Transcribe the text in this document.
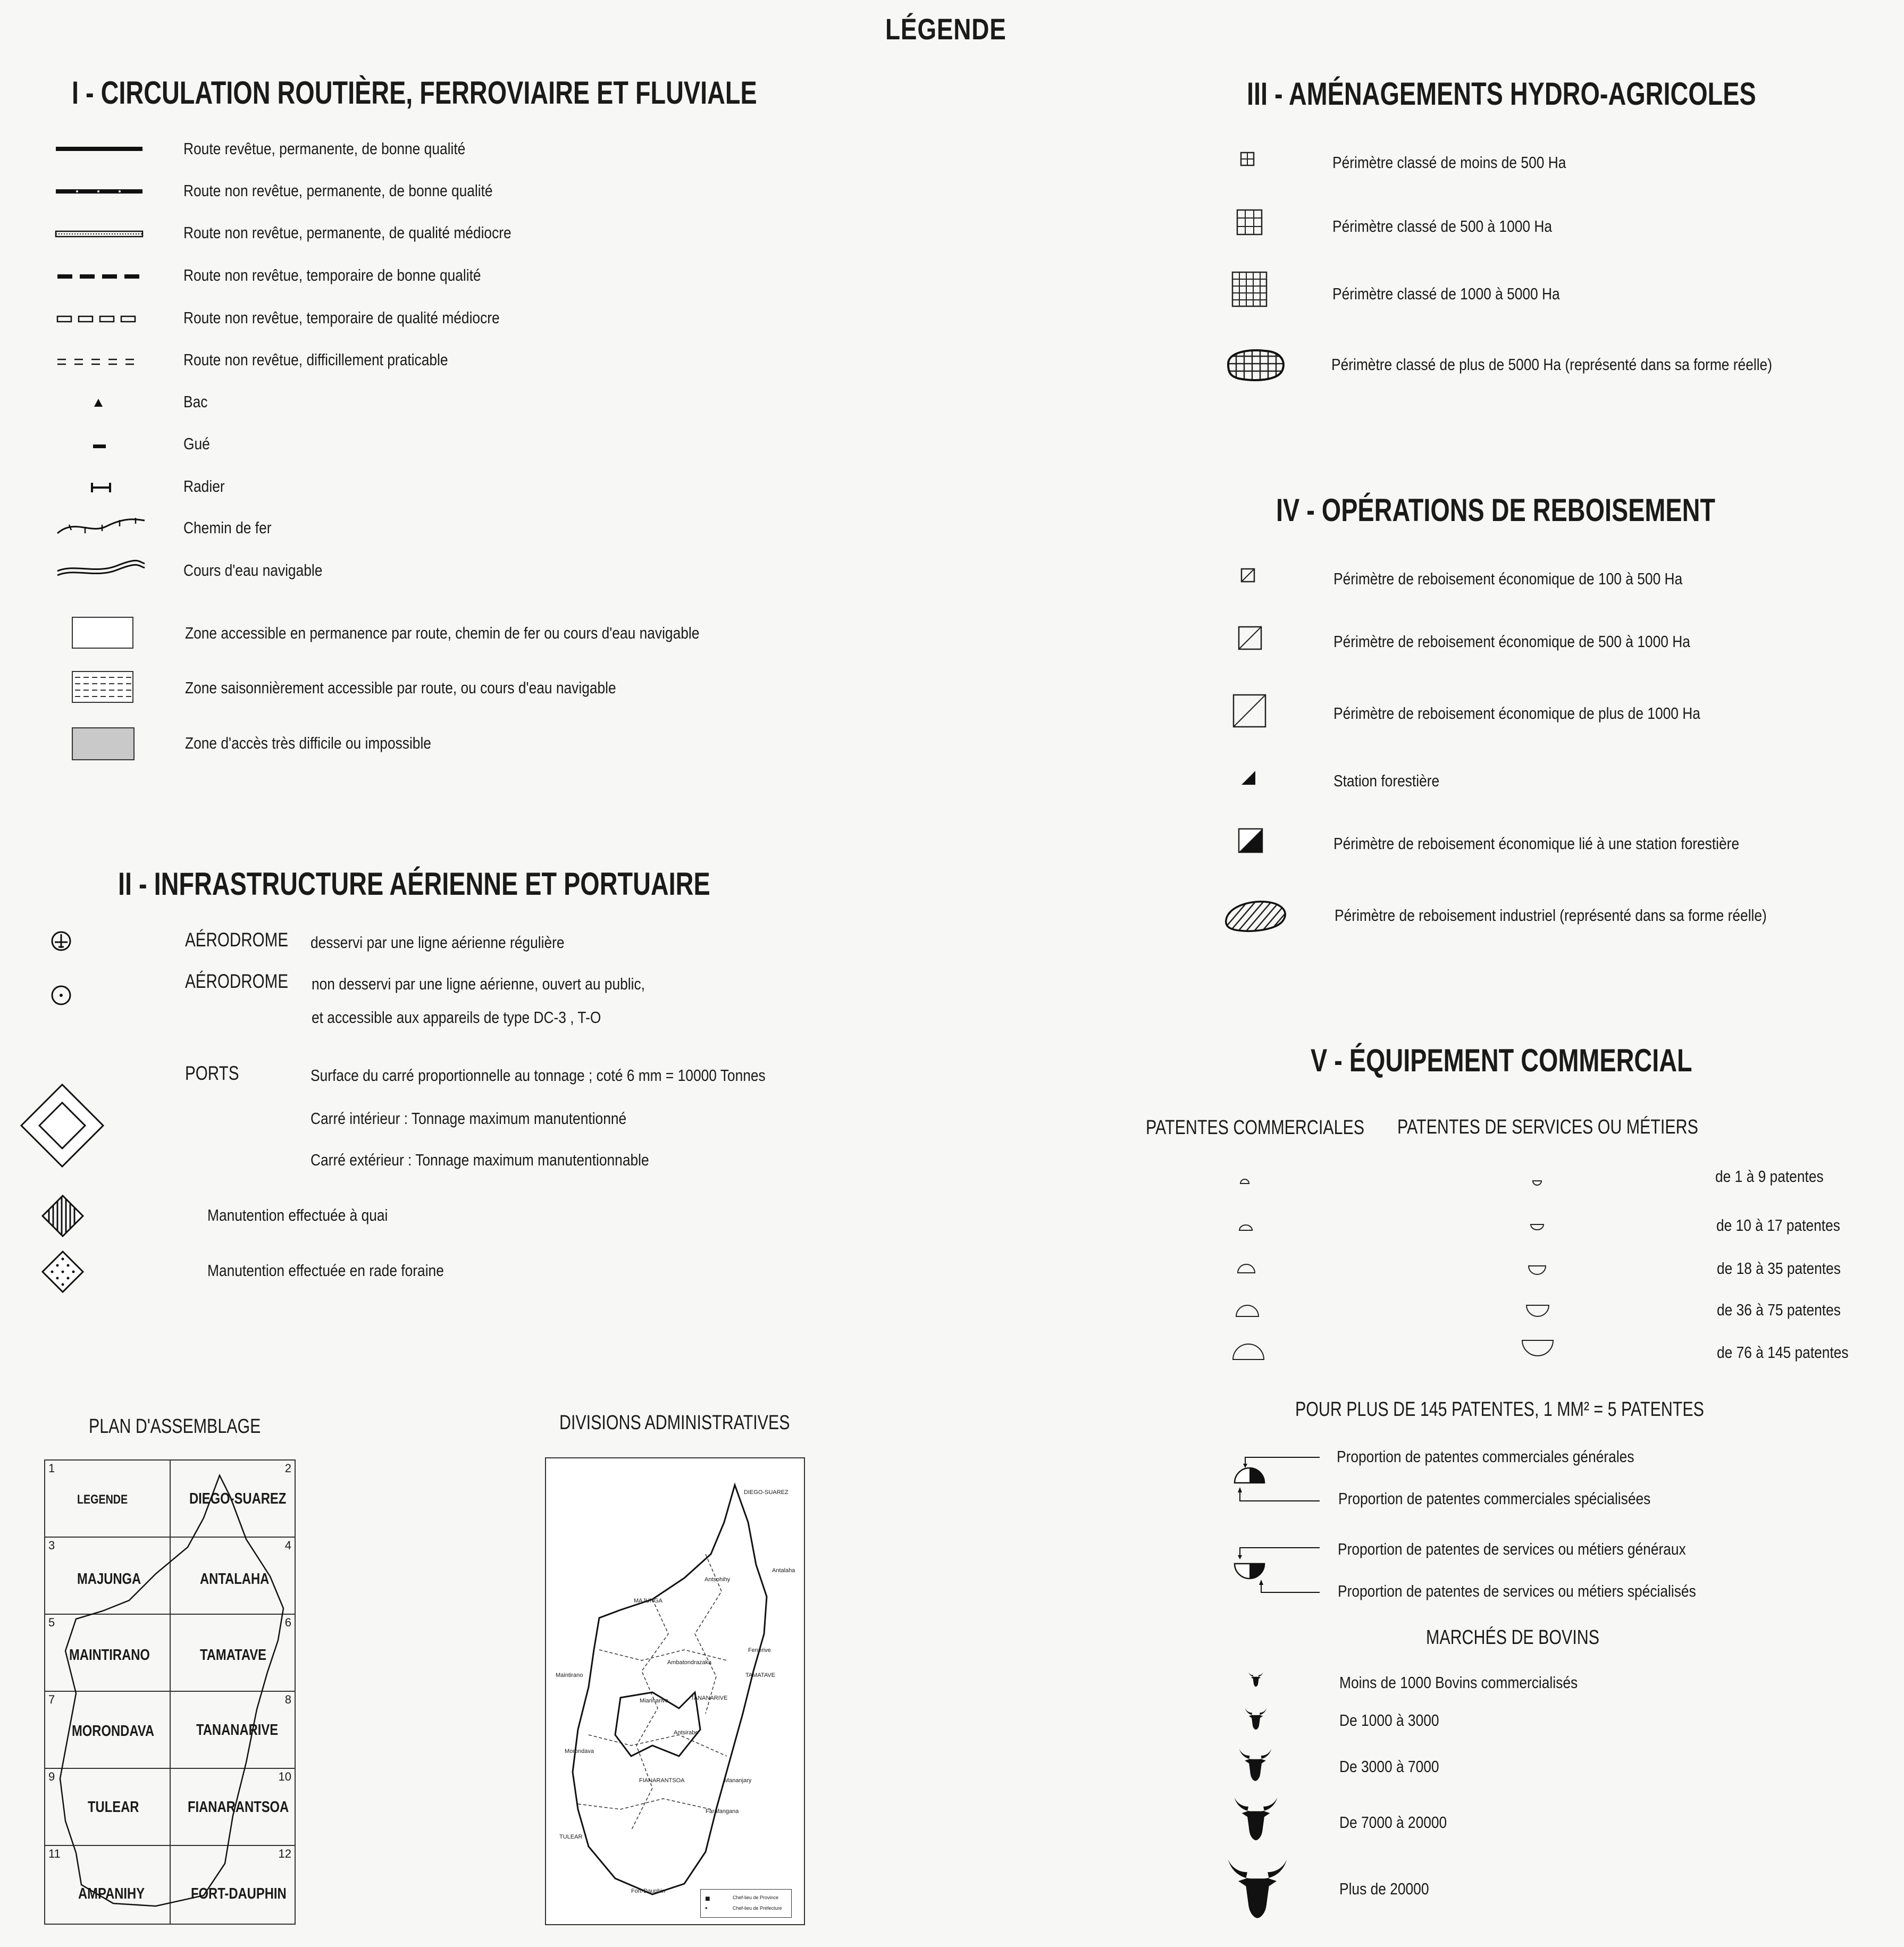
LÉGENDE
I - CIRCULATION ROUTIÈRE, FERROVIAIRE ET FLUVIALE
Route revêtue, permanente, de bonne qualité
Route non revêtue, permanente, de bonne qualité
Route non revêtue, permanente, de qualité médiocre
Route non revêtue, temporaire de bonne qualité
Route non revêtue, temporaire de qualité médiocre
Route non revêtue, difficillement praticable
Bac
Gué
Radier
Chemin de fer
Cours d'eau navigable
Zone accessible en permanence par route, chemin de fer ou cours d'eau navigable
Zone saisonnièrement accessible par route, ou cours d'eau navigable
Zone d'accès très difficile ou impossible
II - INFRASTRUCTURE AÉRIENNE ET PORTUAIRE
AÉRODROME desservi par une ligne aérienne régulière
AÉRODROME non desservi par une ligne aérienne, ouvert au public,
et accessible aux appareils de type DC-3 , T-O
PORTS	Surface du carré proportionnelle au tonnage ; coté 6 mm = 10000 Tonnes
Carré intérieur : Tonnage maximum manutentionné
Carré extérieur : Tonnage maximum manutentionnable
Manutention effectuée à quai
Manutention effectuée en rade foraine
III - AMÉNAGEMENTS HYDRO-AGRICOLES
Périmètre classé de moins de 500 Ha
Périmètre classé de 500 à 1000 Ha
Périmètre classé de 1000 à 5000 Ha
Périmètre classé de plus de 5000 Ha (représenté dans sa forme réelle)
IV - OPÉRATIONS DE REBOISEMENT
Périmètre de reboisement économique de 100 à 500 Ha
Périmètre de reboisement économique de 500 à 1000 Ha
Périmètre de reboisement économique de plus de 1000 Ha
Station forestière
Périmètre de reboisement économique lié à une station forestière
Périmètre de reboisement industriel (représenté dans sa forme réelle)
V - ÉQUIPEMENT COMMERCIAL
PATENTES COMMERCIALES PATENTES DE SERVICES OU MÉTIERS
de 1 à 9 patentes
de 10 à 17 patentes
de 18 à 35 patentes
de 36 à 75 patentes
de 76 à 145 patentes
POUR PLUS DE 145 PATENTES, 1 MM² = 5 PATENTES
Proportion de patentes commerciales générales
Proportion de patentes commerciales spécialisées
Proportion de patentes de services ou métiers généraux
Proportion de patentes de services ou métiers spécialisés
MARCHÉS DE BOVINS
Moins de 1000 Bovins commercialisés
De 1000 à 3000
De 3000 à 7000
De 7000 à 20000
Plus de 20000
PLAN D'ASSEMBLAGE
1
LEGENDE
2
DIEGO-SUAREZ
3
MAJUNGA
4
ANTALAHA
5
MAINTIRANO
6
TAMATAVE
7
MORONDAVA
8
TANANARIVE
9
TULEAR
10
FIANARANTSOA
11
AMPANIHY
12
FORT-DAUPHIN
DIVISIONS ADMINISTRATIVES
DIEGO-SUAREZ
Antsohihy
Antalaha
MAJUNGA
Maintirano
Ambatondrazaka
Fenerive
TAMATAVE
Miarinarivo	TANANARIVE
Antsirabe
Morondava
FIANARANTSOA	Mananjary
Farafangana
TULEAR
Fort-Dauphin
■	Chef-lieu de Province
•	Chef-lieu de Préfecture
